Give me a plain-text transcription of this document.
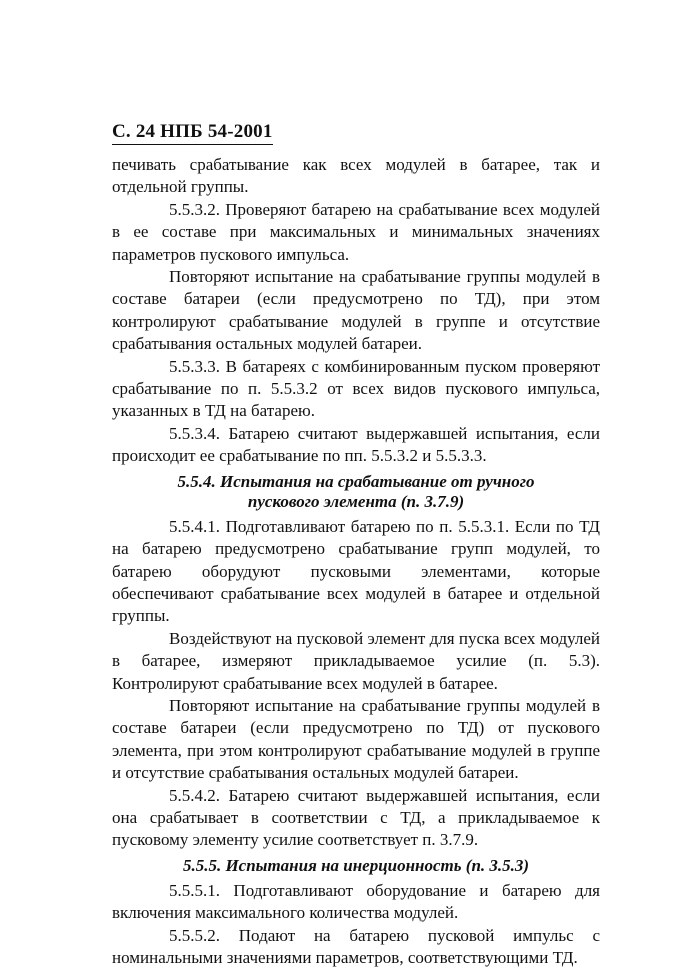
С. 24 НПБ 54-2001

печивать срабатывание как всех модулей в батарее, так и отдельной группы.

5.5.3.2. Проверяют батарею на срабатывание всех модулей в ее составе при максимальных и минимальных значениях параметров пускового импульса.

Повторяют испытание на срабатывание группы модулей в составе батареи (если предусмотрено по ТД), при этом контролируют срабатывание модулей в группе и отсутствие срабатывания остальных модулей батареи.

5.5.3.3. В батареях с комбинированным пуском проверяют срабатывание по п. 5.5.3.2 от всех видов пускового импульса, указанных в ТД на батарею.

5.5.3.4. Батарею считают выдержавшей испытания, если происходит ее срабатывание по пп. 5.5.3.2 и 5.5.3.3.

5.5.4. Испытания на срабатывание от ручного
пускового элемента (п. 3.7.9)

5.5.4.1. Подготавливают батарею по п. 5.5.3.1. Если по ТД на батарею предусмотрено срабатывание групп модулей, то батарею оборудуют пусковыми элементами, которые обеспечивают срабатывание всех модулей в батарее и отдельной группы.

Воздействуют на пусковой элемент для пуска всех модулей в батарее, измеряют прикладываемое усилие (п. 5.3). Контролируют срабатывание всех модулей в батарее.

Повторяют испытание на срабатывание группы модулей в составе батареи (если предусмотрено по ТД) от пускового элемента, при этом контролируют срабатывание модулей в группе и отсутствие срабатывания остальных модулей батареи.

5.5.4.2. Батарею считают выдержавшей испытания, если она срабатывает в соответствии с ТД, а прикладываемое к пусковому элементу усилие соответствует п. 3.7.9.

5.5.5. Испытания на инерционность (п. 3.5.3)

5.5.5.1. Подготавливают оборудование и батарею для включения максимального количества модулей.

5.5.5.2. Подают на батарею пусковой импульс с номинальными значениями параметров, соответствующими ТД.
